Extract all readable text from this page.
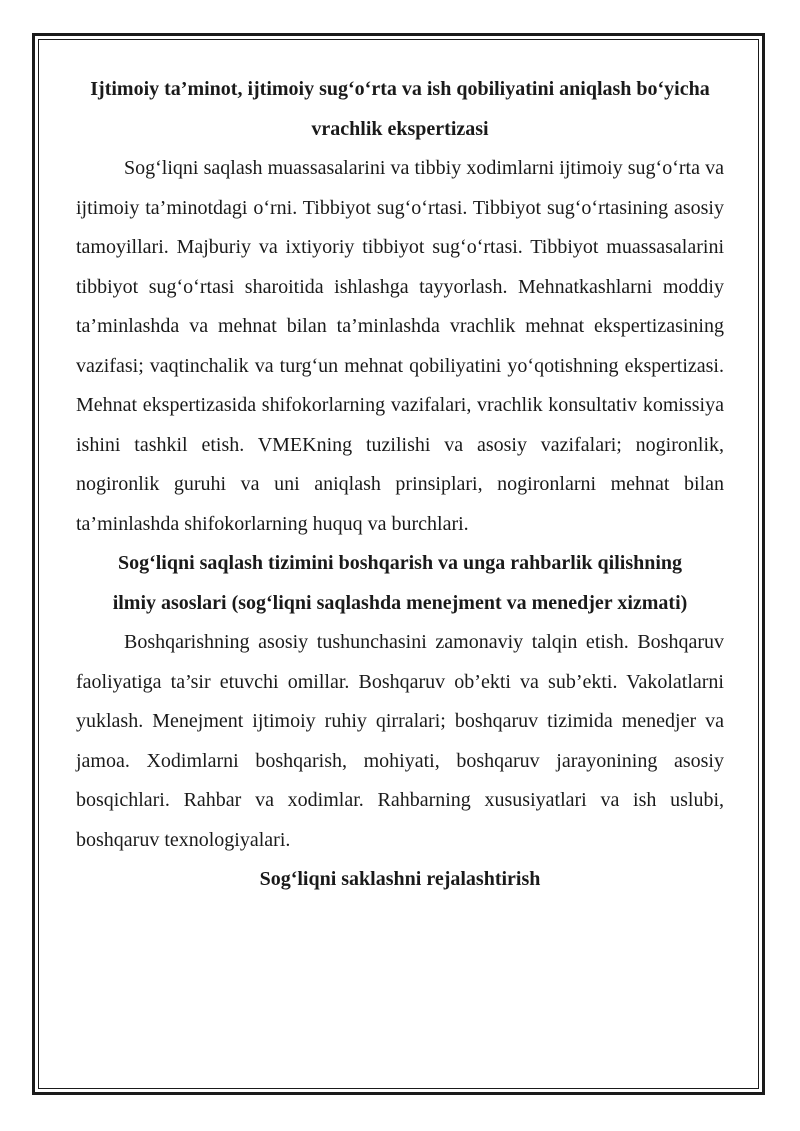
Ijtimoiy ta’minot, ijtimoiy sug‘o‘rta va ish qobiliyatini aniqlash bo‘yicha vrachlik ekspertizasi

Sog‘liqni saqlash muassasalarini va tibbiy xodimlarni ijtimoiy sug‘o‘rta va ijtimoiy ta’minotdagi o‘rni. Tibbiyot sug‘o‘rtasi. Tibbiyot sug‘o‘rtasining asosiy tamoyillari. Majburiy va ixtiyoriy tibbiyot sug‘o‘rtasi. Tibbiyot muassasalarini tibbiyot sug‘o‘rtasi sharoitida ishlashga tayyorlash. Mehnatkashlarni moddiy ta’minlashda va mehnat bilan ta’minlashda vrachlik mehnat ekspertizasining vazifasi; vaqtinchalik va turg‘un mehnat qobiliyatini yo‘qotishning ekspertizasi. Mehnat ekspertizasida shifokorlarning vazifalari, vrachlik konsultativ komissiya ishini tashkil etish. VMEKning tuzilishi va asosiy vazifalari; nogironlik, nogironlik guruhi va uni aniqlash prinsiplari, nogironlarni mehnat bilan ta’minlashda shifokorlarning huquq va burchlari.

Sog‘liqni saqlash tizimini boshqarish va unga rahbarlik qilishning ilmiy asoslari (sog‘liqni saqlashda menejment va menedjer xizmati)

Boshqarishning asosiy tushunchasini zamonaviy talqin etish. Boshqaruv faoliyatiga ta’sir etuvchi omillar. Boshqaruv ob’ekti va sub’ekti. Vakolatlarni yuklash. Menejment ijtimoiy ruhiy qirralari; boshqaruv tizimida menedjer va jamoa. Xodimlarni boshqarish, mohiyati, boshqaruv jarayonining asosiy bosqichlari. Rahbar va xodimlar. Rahbarning xususiyatlari va ish uslubi, boshqaruv texnologiyalari.

Sog‘liqni saklashni rejalashtirish
